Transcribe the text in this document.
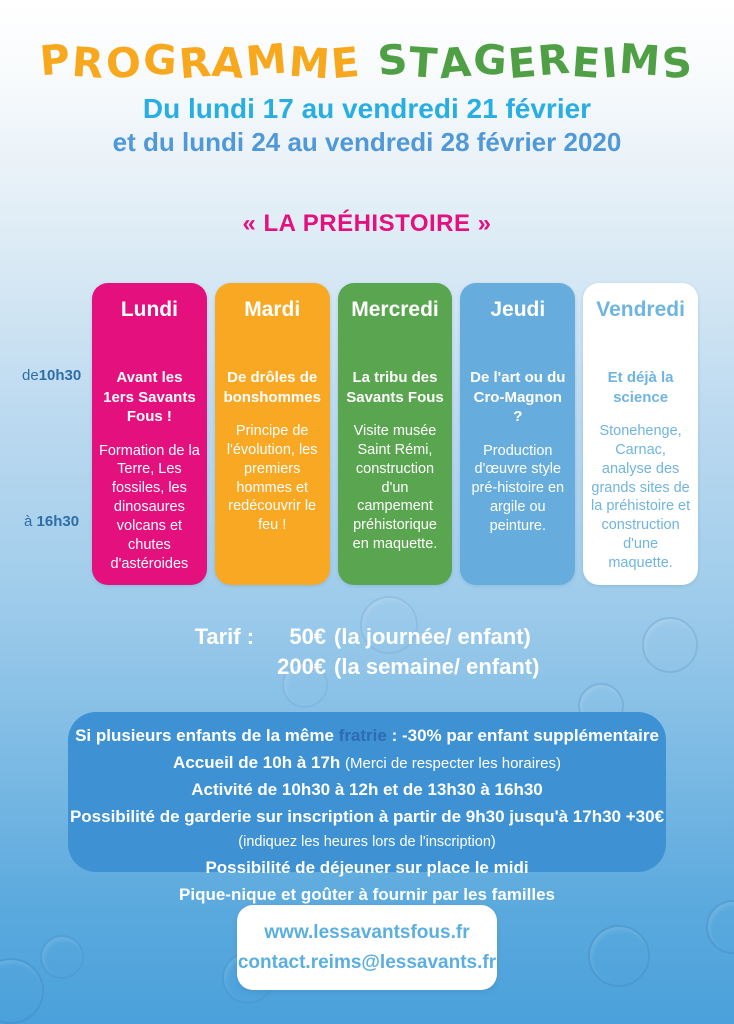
PROGRAMME STAGEREIMS
Du lundi 17 au vendredi 21 février
et du lundi 24 au vendredi 28 février 2020
« LA PRÉHISTOIRE »
de10h30
à 16h30
Lundi
Avant les 1ers Savants Fous !
Formation de la Terre, Les fossiles, les dinosaures volcans et chutes d'astéroides
Mardi
De drôles de bonshommes
Principe de l'évolution, les premiers hommes et redécouvrir le feu !
Mercredi
La tribu des Savants Fous
Visite musée Saint Rémi, construction d'un campement préhistorique en maquette.
Jeudi
De l'art ou du Cro-Magnon ?
Production d'œuvre style pré-histoire en argile ou peinture.
Vendredi
Et déjà la science
Stonehenge, Carnac, analyse des grands sites de la préhistoire et construction d'une maquette.
Tarif :	50€ (la journée/ enfant)
200€ (la semaine/ enfant)
Si plusieurs enfants de la même fratrie : -30% par enfant supplémentaire
Accueil de 10h à 17h (Merci de respecter les horaires)
Activité de 10h30 à 12h et de 13h30 à 16h30
Possibilité de garderie sur inscription à partir de 9h30 jusqu'à 17h30 +30€
(indiquez les heures lors de l'inscription)
Possibilité de déjeuner sur place le midi
Pique-nique et goûter à fournir par les familles
www.lessavantsfous.fr
contact.reims@lessavants.fr
